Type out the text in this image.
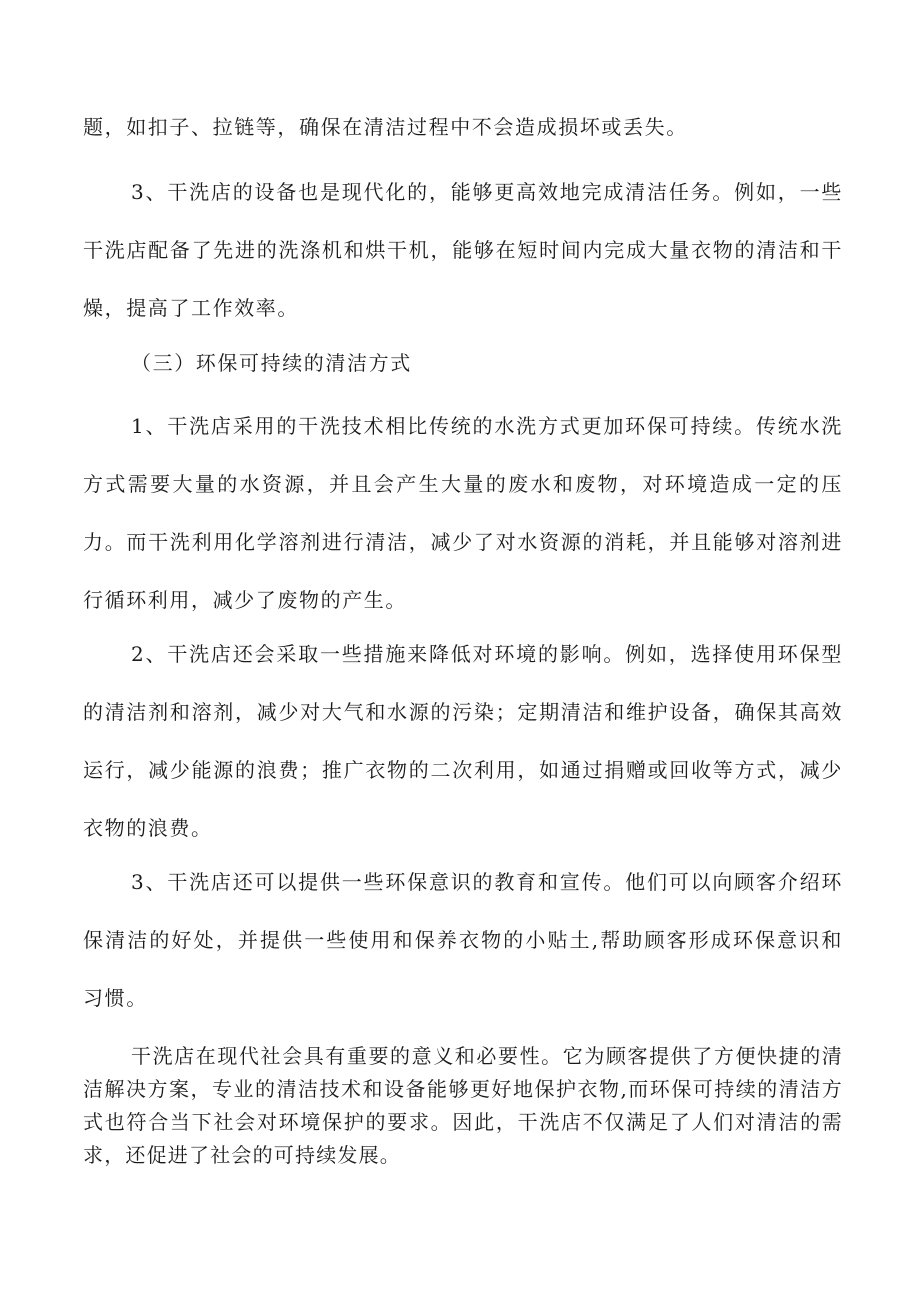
题，如扣子、拉链等，确保在清洁过程中不会造成损坏或丢失。

3、干洗店的设备也是现代化的，能够更高效地完成清洁任务。例如，一些干洗店配备了先进的洗涤机和烘干机，能够在短时间内完成大量衣物的清洁和干燥，提高了工作效率。

（三）环保可持续的清洁方式

1、干洗店采用的干洗技术相比传统的水洗方式更加环保可持续。传统水洗方式需要大量的水资源，并且会产生大量的废水和废物，对环境造成一定的压力。而干洗利用化学溶剂进行清洁，减少了对水资源的消耗，并且能够对溶剂进行循环利用，减少了废物的产生。

2、干洗店还会采取一些措施来降低对环境的影响。例如，选择使用环保型的清洁剂和溶剂，减少对大气和水源的污染；定期清洁和维护设备，确保其高效运行，减少能源的浪费；推广衣物的二次利用，如通过捐赠或回收等方式，减少衣物的浪费。

3、干洗店还可以提供一些环保意识的教育和宣传。他们可以向顾客介绍环保清洁的好处，并提供一些使用和保养衣物的小贴土,帮助顾客形成环保意识和习惯。

干洗店在现代社会具有重要的意义和必要性。它为顾客提供了方便快捷的清洁解决方案，专业的清洁技术和设备能够更好地保护衣物,而环保可持续的清洁方式也符合当下社会对环境保护的要求。因此，干洗店不仅满足了人们对清洁的需求，还促进了社会的可持续发展。
